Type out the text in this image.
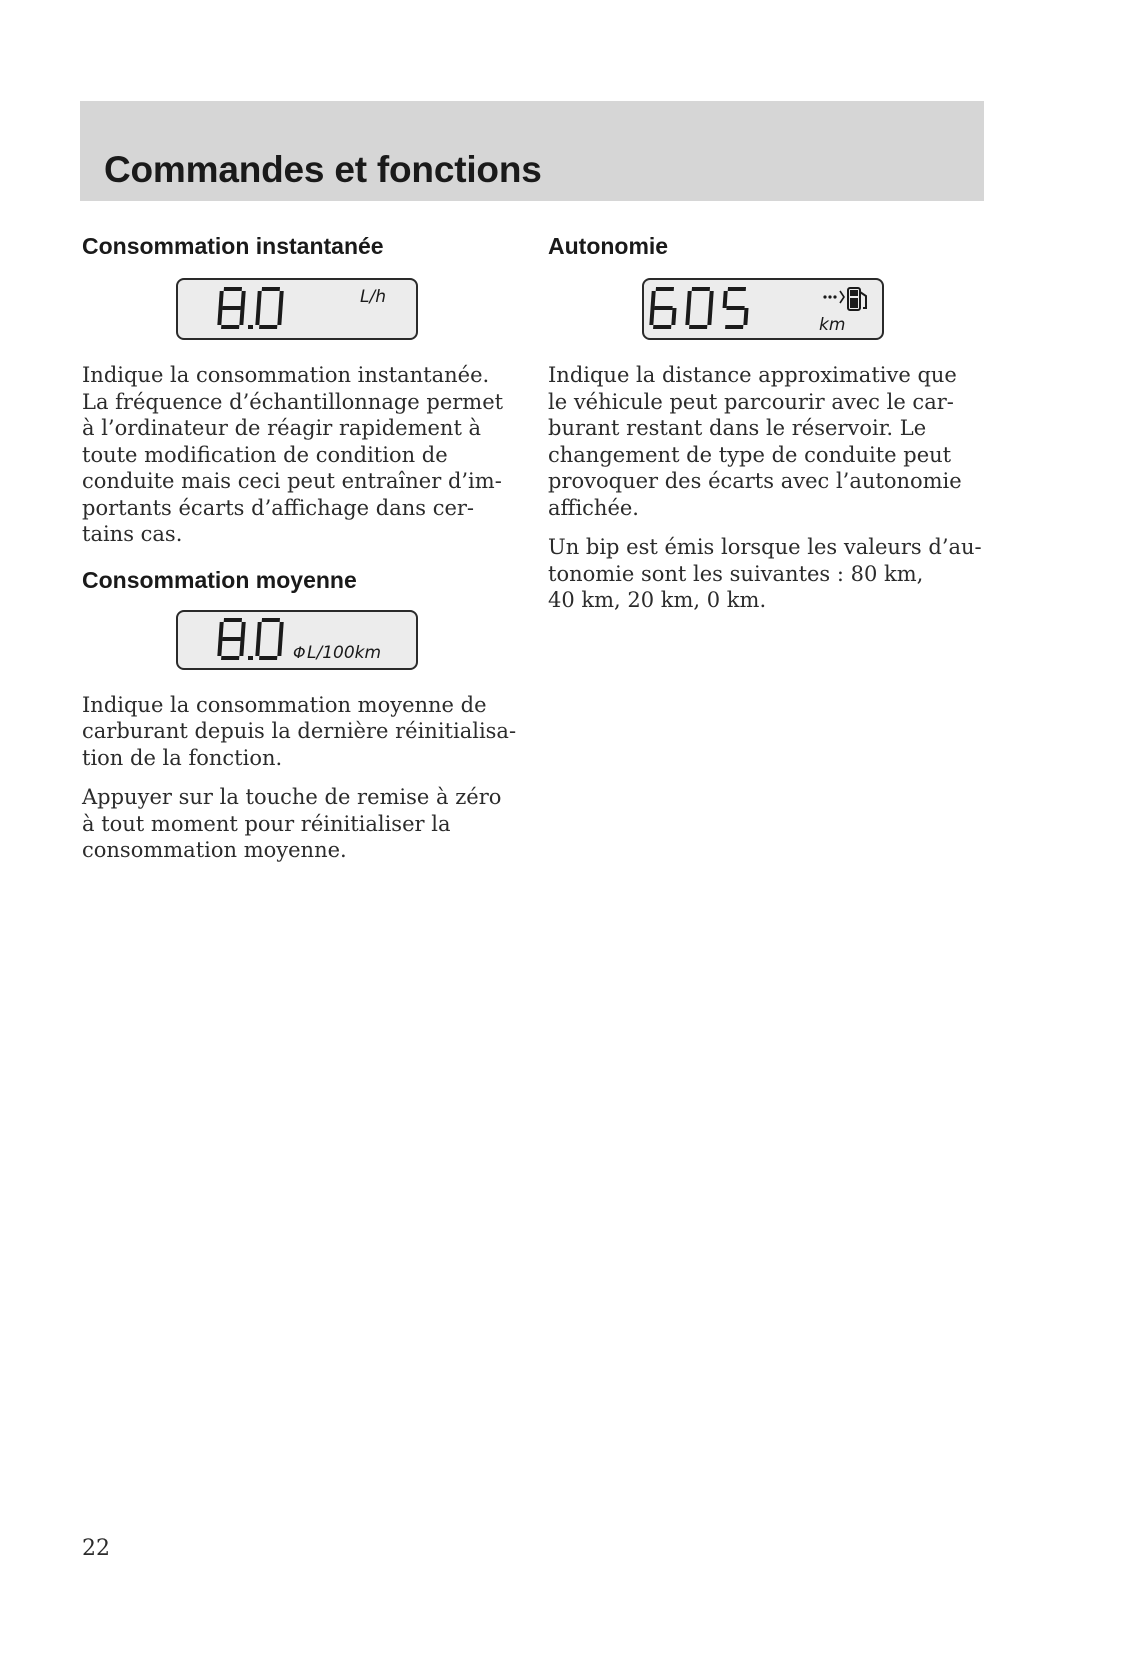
Commandes et fonctions
Consommation instantanée
L/h

Indique la consommation instantanée.
La fréquence d’échantillonnage permet
à l’ordinateur de réagir rapidement à
toute modification de condition de
conduite mais ceci peut entraîner d’im-
portants écarts d’affichage dans cer-
tains cas.

Consommation moyenne
Φ L/100km

Indique la consommation moyenne de
carburant depuis la dernière réinitialisa-
tion de la fonction.

Appuyer sur la touche de remise à zéro
à tout moment pour réinitialiser la
consommation moyenne.

Autonomie
km

Indique la distance approximative que
le véhicule peut parcourir avec le car-
burant restant dans le réservoir. Le
changement de type de conduite peut
provoquer des écarts avec l’autonomie
affichée.

Un bip est émis lorsque les valeurs d’au-
tonomie sont les suivantes : 80 km,
40 km, 20 km, 0 km.

22
